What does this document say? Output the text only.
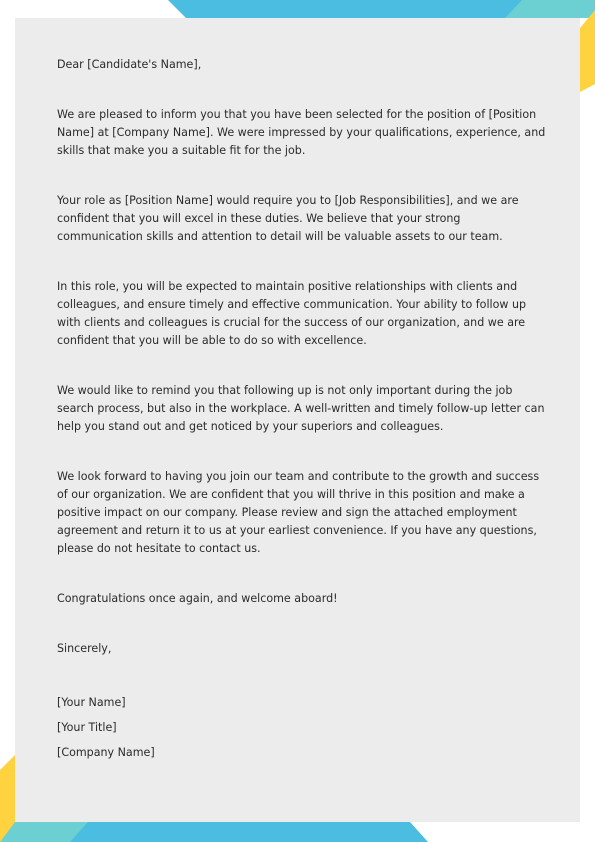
Dear [Candidate's Name],

We are pleased to inform you that you have been selected for the position of [Position Name] at [Company Name]. We were impressed by your qualifications, experience, and skills that make you a suitable fit for the job.

Your role as [Position Name] would require you to [Job Responsibilities], and we are confident that you will excel in these duties. We believe that your strong communication skills and attention to detail will be valuable assets to our team.

In this role, you will be expected to maintain positive relationships with clients and colleagues, and ensure timely and effective communication. Your ability to follow up with clients and colleagues is crucial for the success of our organization, and we are confident that you will be able to do so with excellence.

We would like to remind you that following up is not only important during the job search process, but also in the workplace. A well-written and timely follow-up letter can help you stand out and get noticed by your superiors and colleagues.

We look forward to having you join our team and contribute to the growth and success of our organization. We are confident that you will thrive in this position and make a positive impact on our company. Please review and sign the attached employment agreement and return it to us at your earliest convenience. If you have any questions, please do not hesitate to contact us.

Congratulations once again, and welcome aboard!

Sincerely,

[Your Name]

[Your Title]

[Company Name]
